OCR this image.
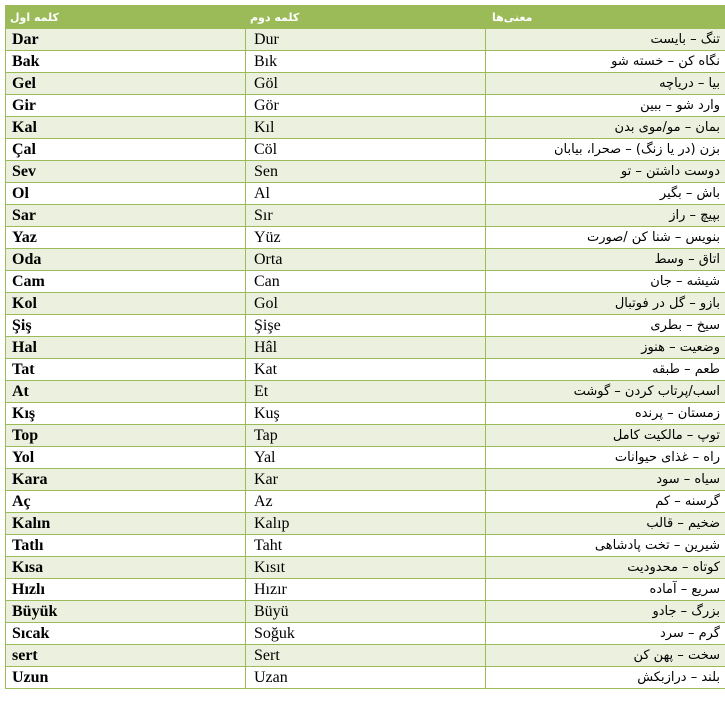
کلمه اول	کلمه دوم	معنی‌ها
Dar	Dur	تنگ – بایست
Bak	Bık	نگاه کن – خسته شو
Gel	Göl	بیا – دریاچه
Gir	Gör	وارد شو – ببین
Kal	Kıl	بمان – مو/موی بدن
Çal	Cöl	بزن (در یا زنگ) – صحرا، بیابان
Sev	Sen	دوست داشتن – تو
Ol	Al	باش – بگیر
Sar	Sır	بپیچ – راز
Yaz	Yüz	بنویس – شنا کن /صورت
Oda	Orta	اتاق – وسط
Cam	Can	شیشه – جان
Kol	Gol	بازو – گل در فوتبال
Şiş	Şişe	سیخ – بطری
Hal	Hâl	وضعیت – هنوز
Tat	Kat	طعم – طبقه
At	Et	اسب/پرتاب کردن – گوشت
Kış	Kuş	زمستان – پرنده
Top	Tap	توپ – مالکیت کامل
Yol	Yal	راه – غذای حیوانات
Kara	Kar	سیاه – سود
Aç	Az	گرسنه – کم
Kalın	Kalıp	ضخیم – قالب
Tatlı	Taht	شیرین – تخت پادشاهی
Kısa	Kısıt	کوتاه – محدودیت
Hızlı	Hızır	سریع – آماده
Büyük	Büyü	بزرگ – جادو
Sıcak	Soğuk	گرم – سرد
sert	Sert	سخت – پهن کن
Uzun	Uzan	بلند – درازبکش
